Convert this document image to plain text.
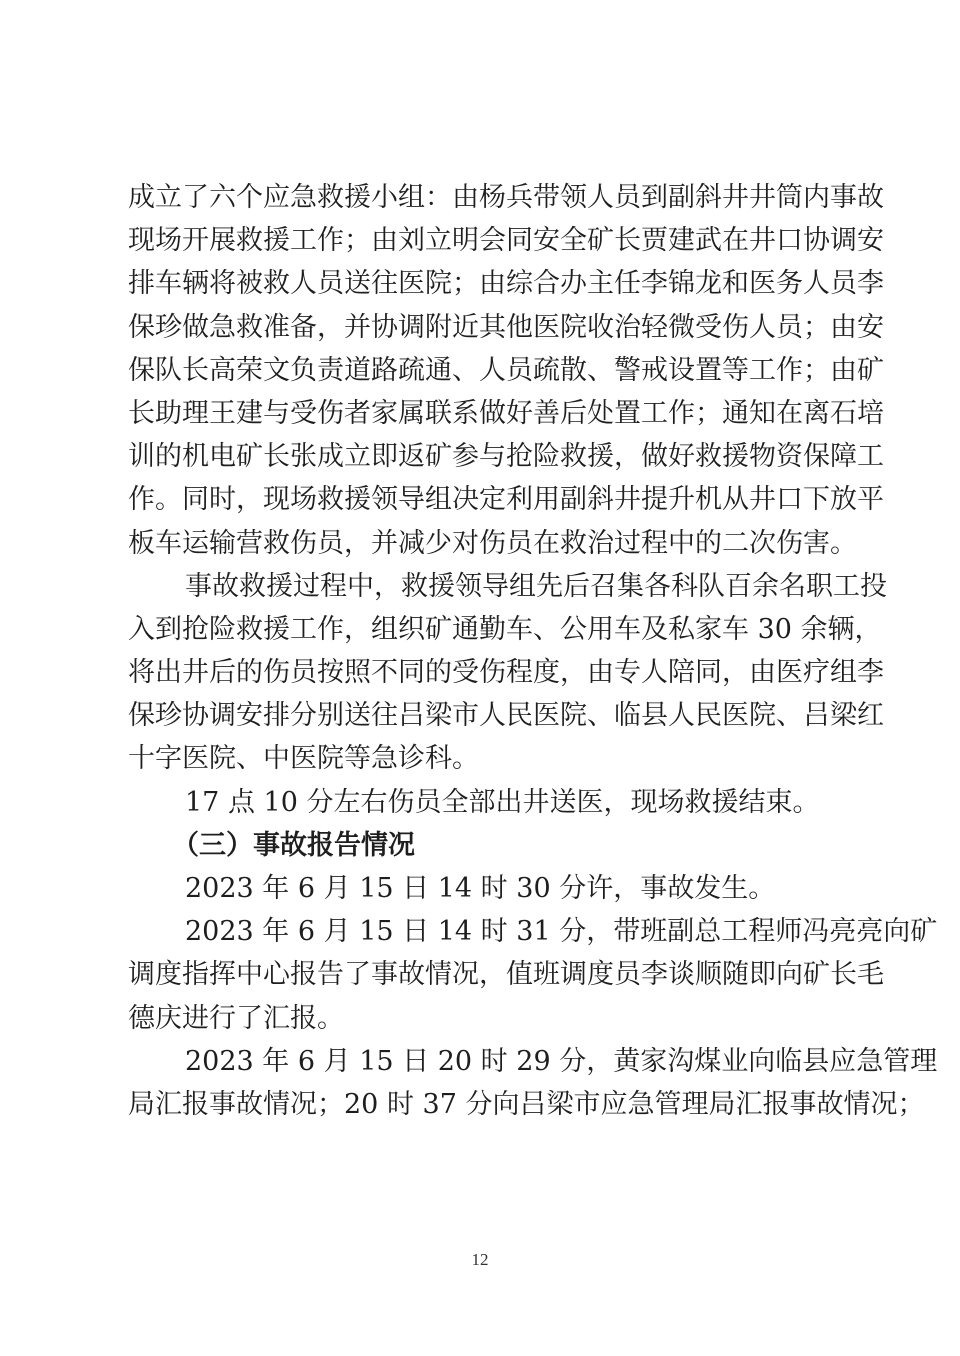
成立了六个应急救援小组：由杨兵带领人员到副斜井井筒内事故
现场开展救援工作；由刘立明会同安全矿长贾建武在井口协调安
排车辆将被救人员送往医院；由综合办主任李锦龙和医务人员李
保珍做急救准备，并协调附近其他医院收治轻微受伤人员；由安
保队长高荣文负责道路疏通、人员疏散、警戒设置等工作；由矿
长助理王建与受伤者家属联系做好善后处置工作；通知在离石培
训的机电矿长张成立即返矿参与抢险救援，做好救援物资保障工
作。同时，现场救援领导组决定利用副斜井提升机从井口下放平
板车运输营救伤员，并减少对伤员在救治过程中的二次伤害。
事故救援过程中，救援领导组先后召集各科队百余名职工投
入到抢险救援工作，组织矿通勤车、公用车及私家车 30 余辆，
将出井后的伤员按照不同的受伤程度，由专人陪同，由医疗组李
保珍协调安排分别送往吕梁市人民医院、临县人民医院、吕梁红
十字医院、中医院等急诊科。
17 点 10 分左右伤员全部出井送医，现场救援结束。
（三）事故报告情况
2023 年 6 月 15 日 14 时 30 分许，事故发生。
2023 年 6 月 15 日 14 时 31 分，带班副总工程师冯亮亮向矿
调度指挥中心报告了事故情况，值班调度员李谈顺随即向矿长毛
德庆进行了汇报。
2023 年 6 月 15 日 20 时 29 分，黄家沟煤业向临县应急管理
局汇报事故情况；20 时 37 分向吕梁市应急管理局汇报事故情况；
12
